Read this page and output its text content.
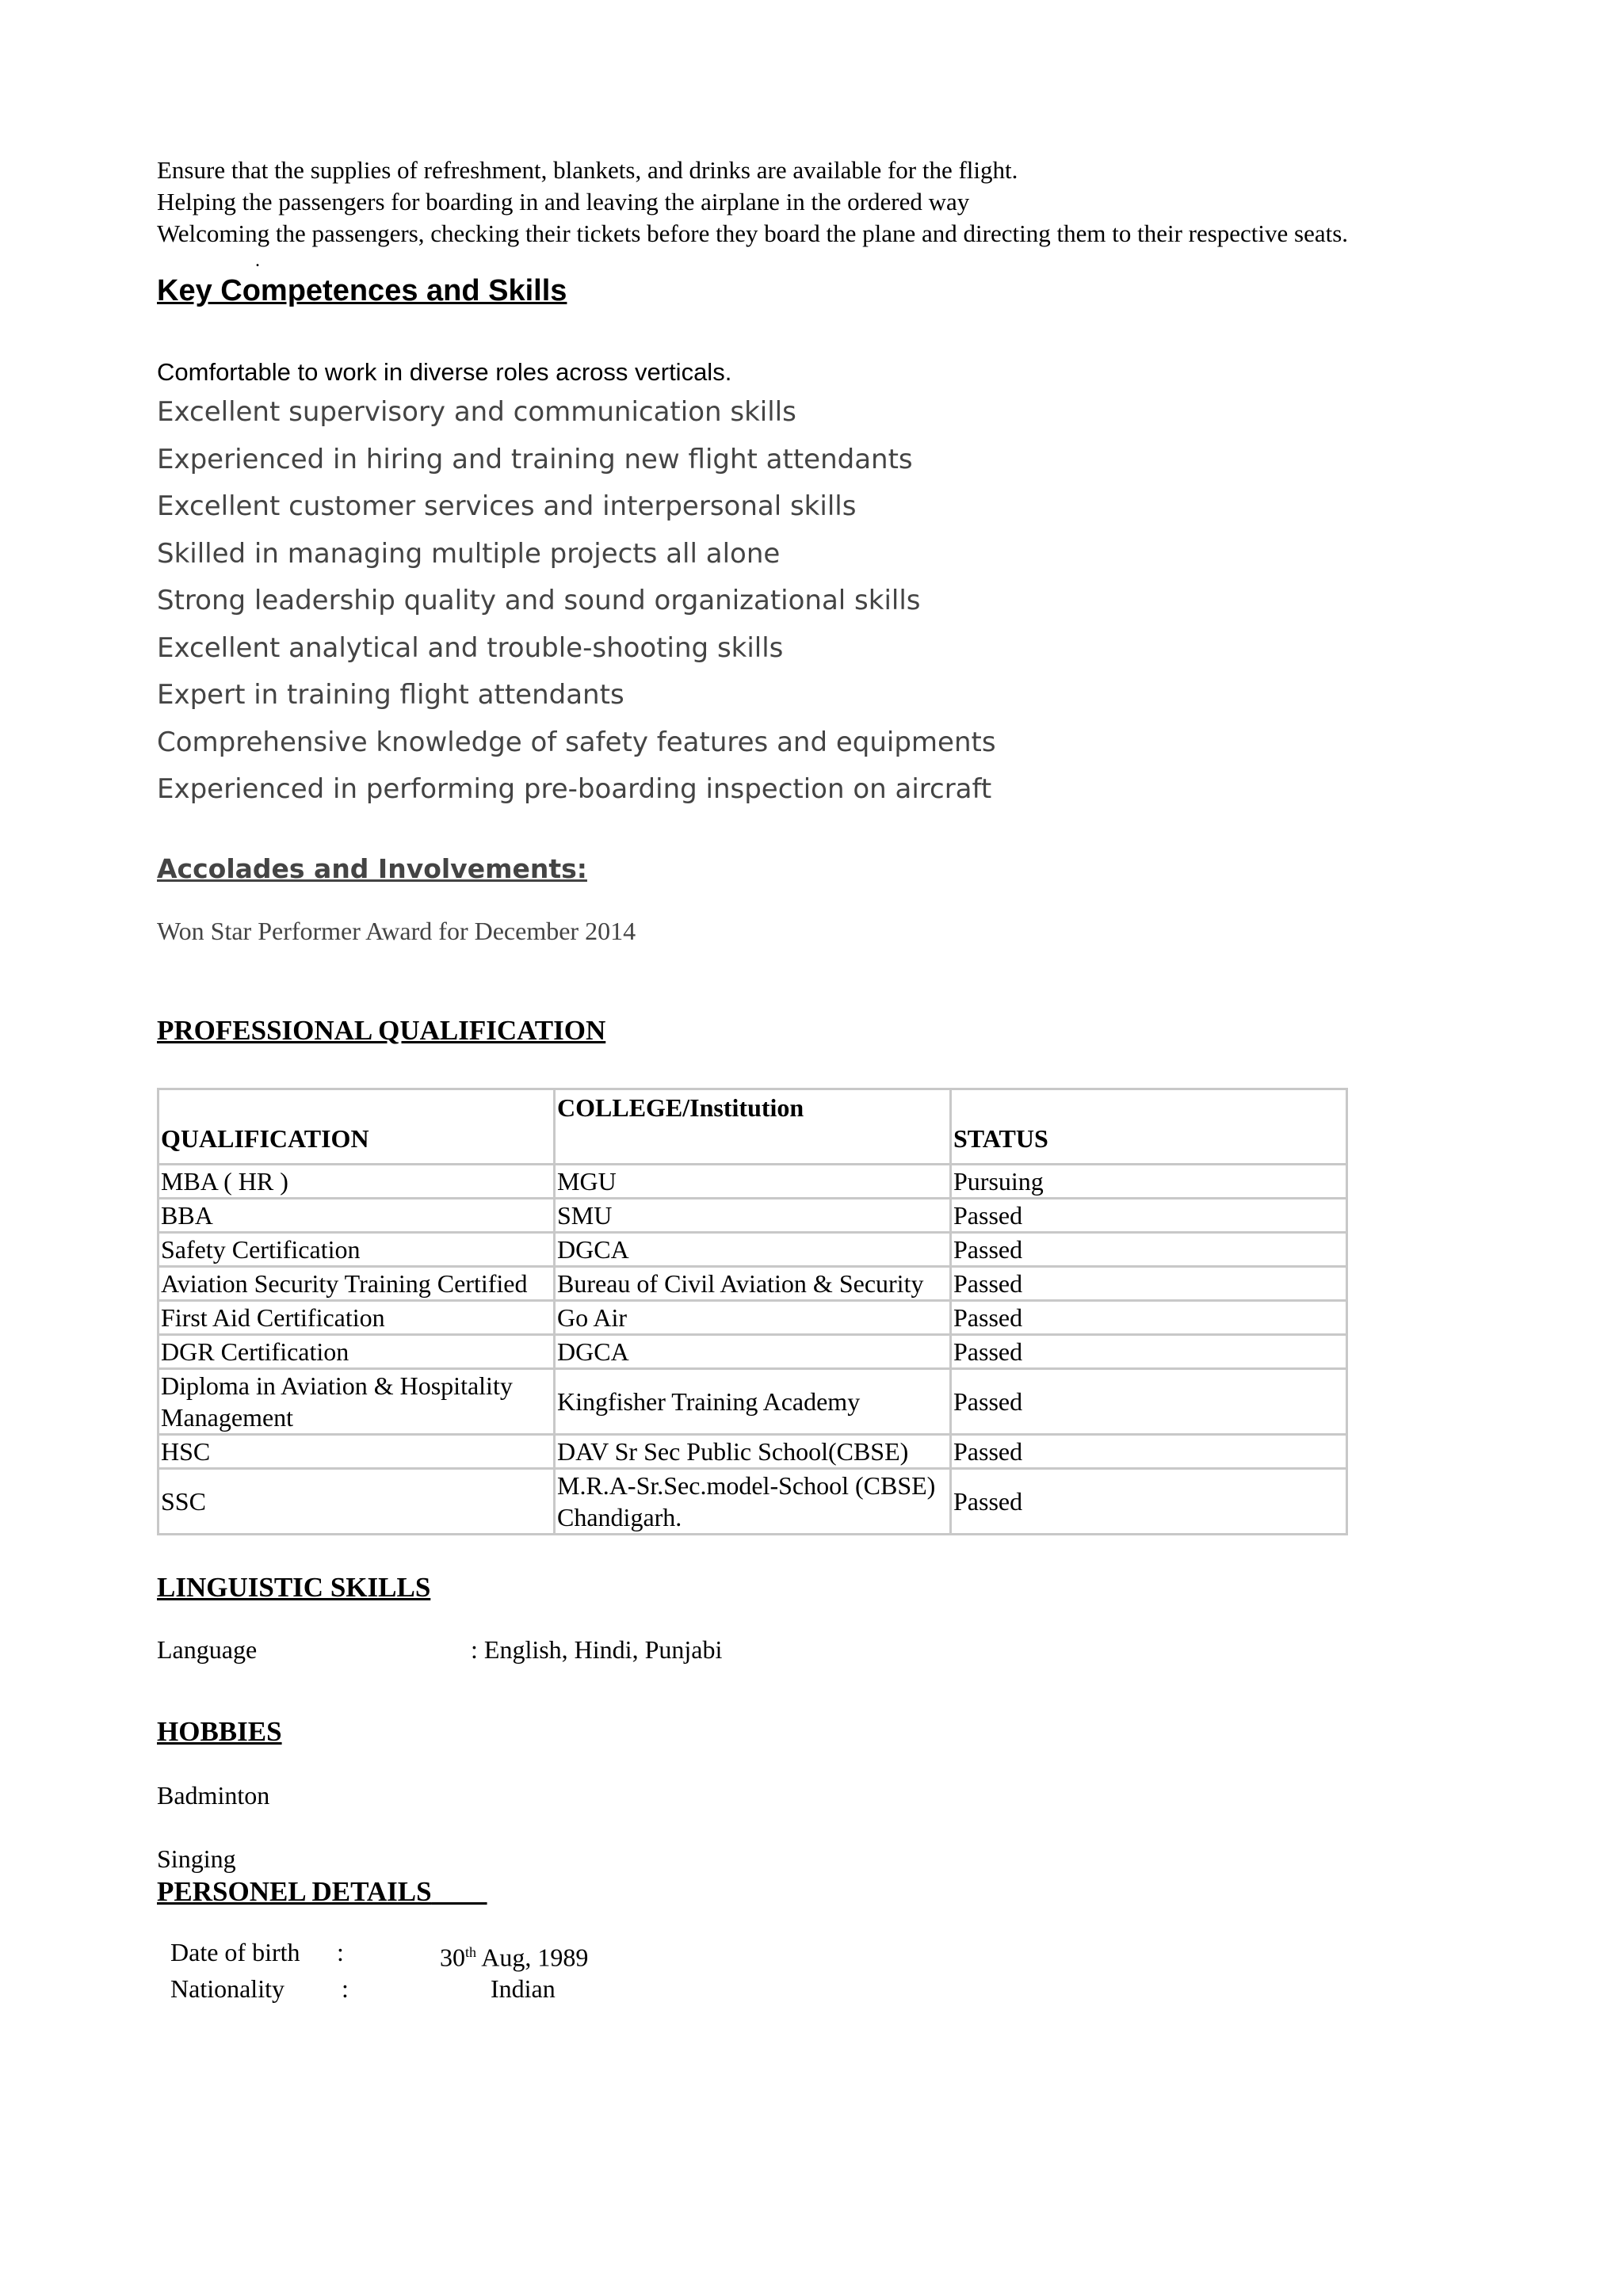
Ensure that the supplies of refreshment, blankets, and drinks are available for the flight.

Helping the passengers for boarding in and leaving the airplane in the ordered way

Welcoming the passengers, checking their tickets before they board the plane and directing them to their respective seats.

.
Key Competences and Skills
Comfortable to work in diverse roles across verticals.
Excellent supervisory and communication skills
Experienced in hiring and training new flight attendants
Excellent customer services and interpersonal skills
Skilled in managing multiple projects all alone
Strong leadership quality and sound organizational skills
Excellent analytical and trouble-shooting skills
Expert in training flight attendants
Comprehensive knowledge of safety features and equipments
Experienced in performing pre-boarding inspection on aircraft
Accolades and Involvements:
Won Star Performer Award for December 2014
PROFESSIONAL QUALIFICATION
QUALIFICATION	COLLEGE/Institution	STATUS
MBA ( HR )	MGU	Pursuing
BBA	SMU	Passed
Safety Certification	DGCA	Passed
Aviation Security Training Certified	Bureau of Civil Aviation & Security	Passed
First Aid Certification	Go Air	Passed
DGR Certification	DGCA	Passed
Diploma in Aviation & Hospitality Management	Kingfisher Training Academy	Passed
HSC	DAV Sr Sec Public School(CBSE)	Passed
SSC	M.R.A-Sr.Sec.model-School (CBSE) Chandigarh.	Passed
LINGUISTIC SKILLS
Language	: English, Hindi, Punjabi
HOBBIES
Badminton
Singing
PERSONEL DETAILS
Date of birth	:	30th Aug, 1989
Nationality	:	Indian
